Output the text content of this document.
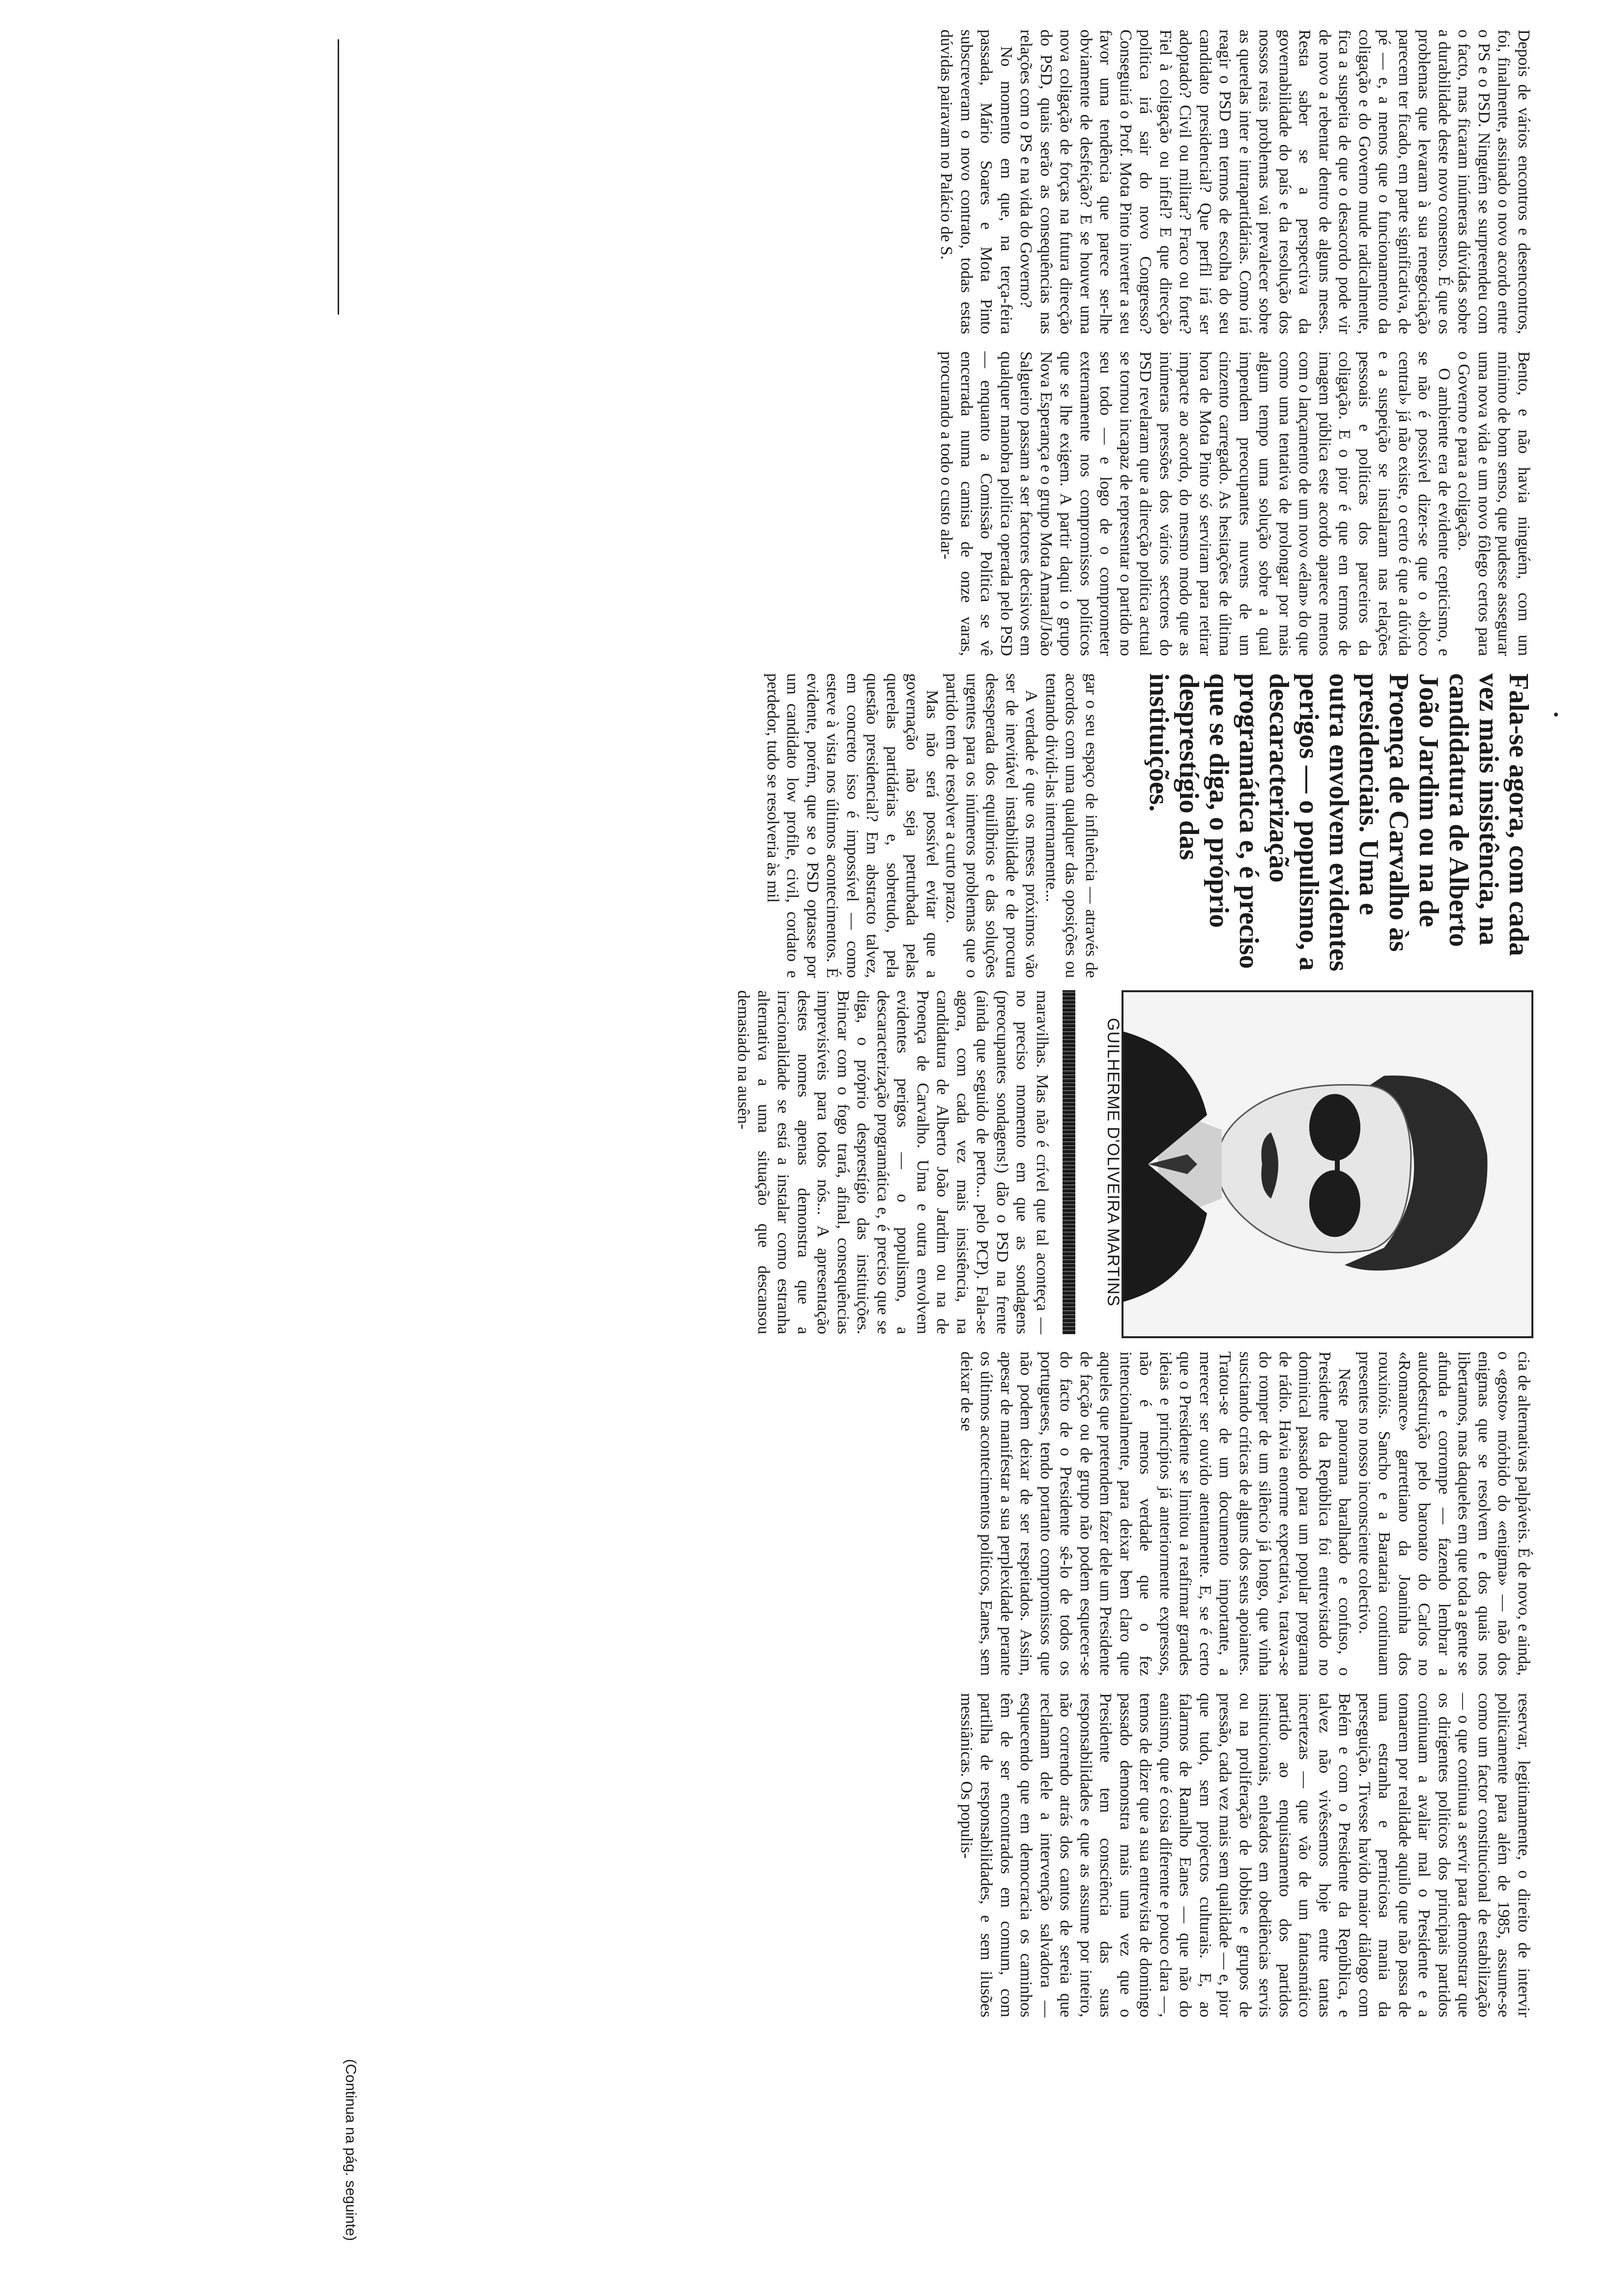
Depois de vários encontros e desencontros, foi, finalmente, assinado o novo acordo entre o PS e o PSD. Ninguém se surpreendeu com o facto, mas ficaram inúmeras dúvidas sobre a durabilidade deste novo consenso. É que os problemas que levaram à sua renegociação parecem ter ficado, em parte significativa, de pé — e, a menos que o funcionamento da coligação e do Governo mude radicalmente, fica a suspeita de que o desacordo pode vir de novo a rebentar dentro de alguns meses. Resta saber se a perspectiva da governabilidade do país e da resolução dos nossos reais problemas vai prevalecer sobre as querelas inter e intrapartidárias. Como irá reagir o PSD em termos de escolha do seu candidato presidencial? Que perfil irá ser adoptado? Civil ou militar? Fraco ou forte? Fiel à coligação ou infiel? E que direcção política irá sair do novo Congresso? Conseguirá o Prof. Mota Pinto inverter a seu favor uma tendência que parece ser-lhe obviamente de desfeição? E se houver uma nova coligação de forças na futura direcção do PSD, quais serão as consequências nas relações com o PS e na vida do Governo?

No momento em que, na terça-feira passada, Mário Soares e Mota Pinto subscreveram o novo contrato, todas estas dúvidas pairavam no Palácio de S.

Bento, e não havia ninguém, com um mínimo de bom senso, que pudesse assegurar uma nova vida e um novo fôlego certos para o Governo e para a coligação.

O ambiente era de evidente cepticismo, e se não é possível dizer-se que o «bloco central» já não existe, o certo é que a dúvida e a suspeição se instalaram nas relações pessoais e políticas dos parceiros da coligação. E o pior é que em termos de imagem pública este acordo aparece menos com o lançamento de um novo «élan» do que como uma tentativa de prolongar por mais algum tempo uma solução sobre a qual impendem preocupantes nuvens de um cinzento carregado. As hesitações de última hora de Mota Pinto só serviram para retirar impacte ao acordo, do mesmo modo que as inúmeras pressões dos vários sectores do PSD revelaram que a direcção política actual se tornou incapaz de representar o partido no seu todo — e logo de o comprometer externamente nos compromissos políticos que se lhe exigem. A partir daqui o grupo Nova Esperança e o grupo Mota Amaral/João Salgueiro passam a ser factores decisivos em qualquer manobra política operada pelo PSD — enquanto a Comissão Política se vê encerrada numa camisa de onze varas, procurando a todo o custo alar-

Fala-se agora, com cada vez mais insistência, na candidatura de Alberto João Jardim ou na de Proença de Carvalho às presidenciais. Uma e outra envolvem evidentes perigos — o populismo, a descaracterização programática e, é preciso que se diga, o próprio desprestígio das instituições.

gar o seu espaço de influência — através de acordos com uma qualquer das oposições ou tentando dividi-las internamente...

A verdade é que os meses próximos vão ser de inevitável instabilidade e de procura desesperada dos equilíbrios e das soluções urgentes para os inúmeros problemas que o partido tem de resolver a curto prazo.

Mas não será possível evitar que a governação não seja perturbada pelas querelas partidárias e, sobretudo, pela questão presidencial? Em abstracto talvez, em concreto isso é impossível — como esteve à vista nos últimos acontecimentos. É evidente, porém, que se o PSD optasse por um candidato low profile, civil, cordato e perdedor, tudo se resolveria às mil

GUILHERME D'OLIVEIRA MARTINS

maravilhas. Mas não é crível que tal aconteça — no preciso momento em que as sondagens (preocupantes sondagens!) dão o PSD na frente (ainda que seguido de perto... pelo PCP). Fala-se agora, com cada vez mais insistência, na candidatura de Alberto João Jardim ou na de Proença de Carvalho. Uma e outra envolvem evidentes perigos — o populismo, a descaracterização programática e, é preciso que se diga, o próprio desprestígio das instituições. Brincar com o fogo trará, afinal, consequências imprevisíveis para todos nós... A apresentação destes nomes apenas demonstra que a irracionalidade se está a instalar como estranha alternativa a uma situação que descansou demasiado na ausên-

cia de alternativas palpáveis. É de novo, e ainda, o «gosto» mórbido do «enigma» — não dos enigmas que se resolvem e dos quais nos libertamos, mas daqueles em que toda a gente se afunda e corrompe — fazendo lembrar a autodestruição pelo baronato do Carlos no «Romance» garrettiano da Joaninha dos rouxinóis. Sancho e a Barataria continuam presentes no nosso inconsciente colectivo.

Neste panorama baralhado e confuso, o Presidente da República foi entrevistado no dominical passado para um popular programa de rádio. Havia enorme expectativa, tratava-se do romper de um silêncio já longo, que vinha suscitando críticas de alguns dos seus apoiantes. Tratou-se de um documento importante, a merecer ser ouvido atentamente. E, se é certo que o Presidente se limitou a reafirmar grandes ideias e princípios já anteriormente expressos, não é menos verdade que o fez intencionalmente, para deixar bem claro que aqueles que pretendem fazer dele um Presidente de facção ou de grupo não podem esquecer-se do facto de o Presidente sê-lo de todos os portugueses, tendo portanto compromissos que não podem deixar de ser respeitados. Assim, apesar de manifestar a sua perplexidade perante os últimos acontecimentos políticos, Eanes, sem deixar de se

reservar, legitimamente, o direito de intervir politicamente para além de 1985, assume-se como um factor constitucional de estabilização — o que continua a servir para demonstrar que os dirigentes políticos dos principais partidos continuam a avaliar mal o Presidente e a tomarem por realidade aquilo que não passa de uma estranha e perniciosa mania da perseguição. Tivesse havido maior diálogo com Belém e com o Presidente da República, e talvez não vivêssemos hoje entre tantas incertezas — que vão de um fantasmático partido ao enquistamento dos partidos institucionais, enleados em obediências servis ou na proliferação de lobbies e grupos de pressão, cada vez mais sem qualidade — e, pior que tudo, sem projectos culturais. E, ao falarmos de Ramalho Eanes — que não do eanismo, que é coisa diferente e pouco clara —, temos de dizer que a sua entrevista de domingo passado demonstra mais uma vez que o Presidente tem consciência das suas responsabilidades e que as assume por inteiro, não correndo atrás dos cantos de sereia que reclamam dele a intervenção salvadora — esquecendo que em democracia os caminhos têm de ser encontrados em comum, com partilha de responsabilidades, e sem ilusões messiânicas. Os populis-

(Continua na pág. seguinte)
